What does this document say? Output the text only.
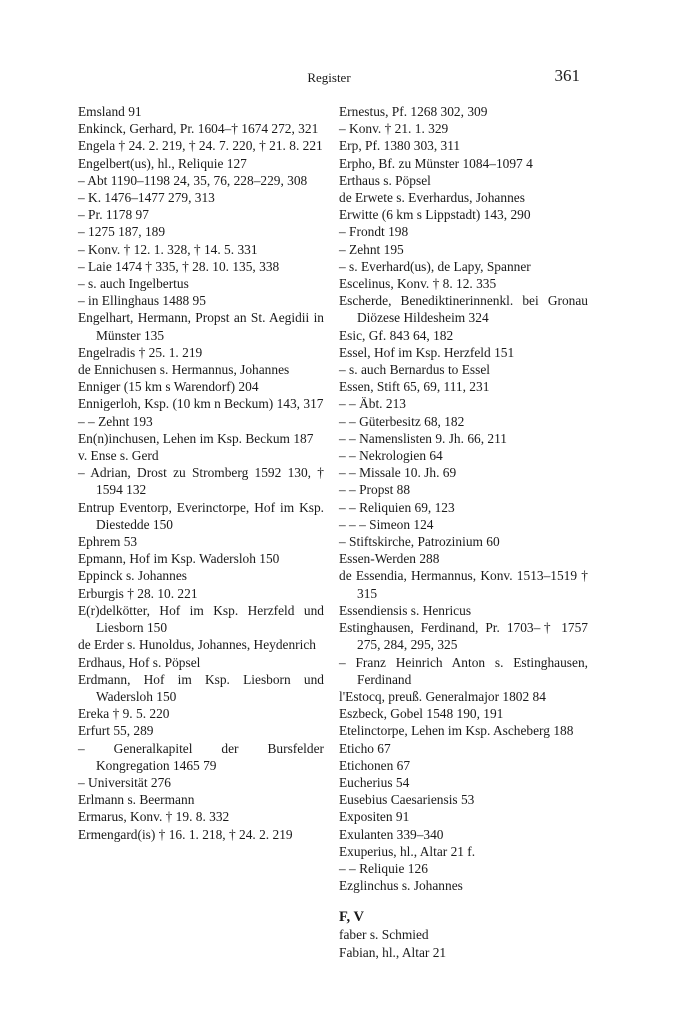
Register	361
Emsland 91
Enkinck, Gerhard, Pr. 1604–† 1674 272, 321
Engela † 24. 2. 219, † 24. 7. 220, † 21. 8. 221
Engelbert(us), hl., Reliquie 127
– Abt 1190–1198 24, 35, 76, 228–229, 308
– K. 1476–1477 279, 313
– Pr. 1178 97
– 1275 187, 189
– Konv. † 12. 1. 328, † 14. 5. 331
– Laie 1474 † 335, † 28. 10. 135, 338
– s. auch Ingelbertus
– in Ellinghaus 1488 95
Engelhart, Hermann, Propst an St. Aegidii in Münster 135
Engelradis † 25. 1. 219
de Ennichusen s. Hermannus, Johannes
Enniger (15 km s Warendorf) 204
Ennigerloh, Ksp. (10 km n Beckum) 143, 317
– – Zehnt 193
En(n)inchusen, Lehen im Ksp. Beckum 187
v. Ense s. Gerd
– Adrian, Drost zu Stromberg 1592 130, † 1594 132
Entrup Eventorp, Everinctorpe, Hof im Ksp. Diestedde 150
Ephrem 53
Epmann, Hof im Ksp. Wadersloh 150
Eppinck s. Johannes
Erburgis † 28. 10. 221
E(r)delkötter, Hof im Ksp. Herzfeld und Liesborn 150
de Erder s. Hunoldus, Johannes, Heydenrich
Erdhaus, Hof s. Pöpsel
Erdmann, Hof im Ksp. Liesborn und Wadersloh 150
Ereka † 9. 5. 220
Erfurt 55, 289
– Generalkapitel der Bursfelder Kongregation 1465 79
– Universität 276
Erlmann s. Beermann
Ermarus, Konv. † 19. 8. 332
Ermengard(is) † 16. 1. 218, † 24. 2. 219
Ernestus, Pf. 1268 302, 309
– Konv. † 21. 1. 329
Erp, Pf. 1380 303, 311
Erpho, Bf. zu Münster 1084–1097 4
Erthaus s. Pöpsel
de Erwete s. Everhardus, Johannes
Erwitte (6 km s Lippstadt) 143, 290
– Frondt 198
– Zehnt 195
– s. Everhard(us), de Lapy, Spanner
Escelinus, Konv. † 8. 12. 335
Escherde, Benediktinerinnenkl. bei Gronau Diözese Hildesheim 324
Esic, Gf. 843 64, 182
Essel, Hof im Ksp. Herzfeld 151
– s. auch Bernardus to Essel
Essen, Stift 65, 69, 111, 231
– – Äbt. 213
– – Güterbesitz 68, 182
– – Namenslisten 9. Jh. 66, 211
– – Nekrologien 64
– – Missale 10. Jh. 69
– – Propst 88
– – Reliquien 69, 123
– – – Simeon 124
– Stiftskirche, Patrozinium 60
Essen-Werden 288
de Essendia, Hermannus, Konv. 1513–1519 † 315
Essendiensis s. Henricus
Estinghausen, Ferdinand, Pr. 1703–† 1757 275, 284, 295, 325
– Franz Heinrich Anton s. Estinghausen, Ferdinand
l'Estocq, preuß. Generalmajor 1802 84
Eszbeck, Gobel 1548 190, 191
Etelinctorpe, Lehen im Ksp. Ascheberg 188
Eticho 67
Etichonen 67
Eucherius 54
Eusebius Caesariensis 53
Expositen 91
Exulanten 339–340
Exuperius, hl., Altar 21 f.
– – Reliquie 126
Ezglinchus s. Johannes
F, V
faber s. Schmied
Fabian, hl., Altar 21
